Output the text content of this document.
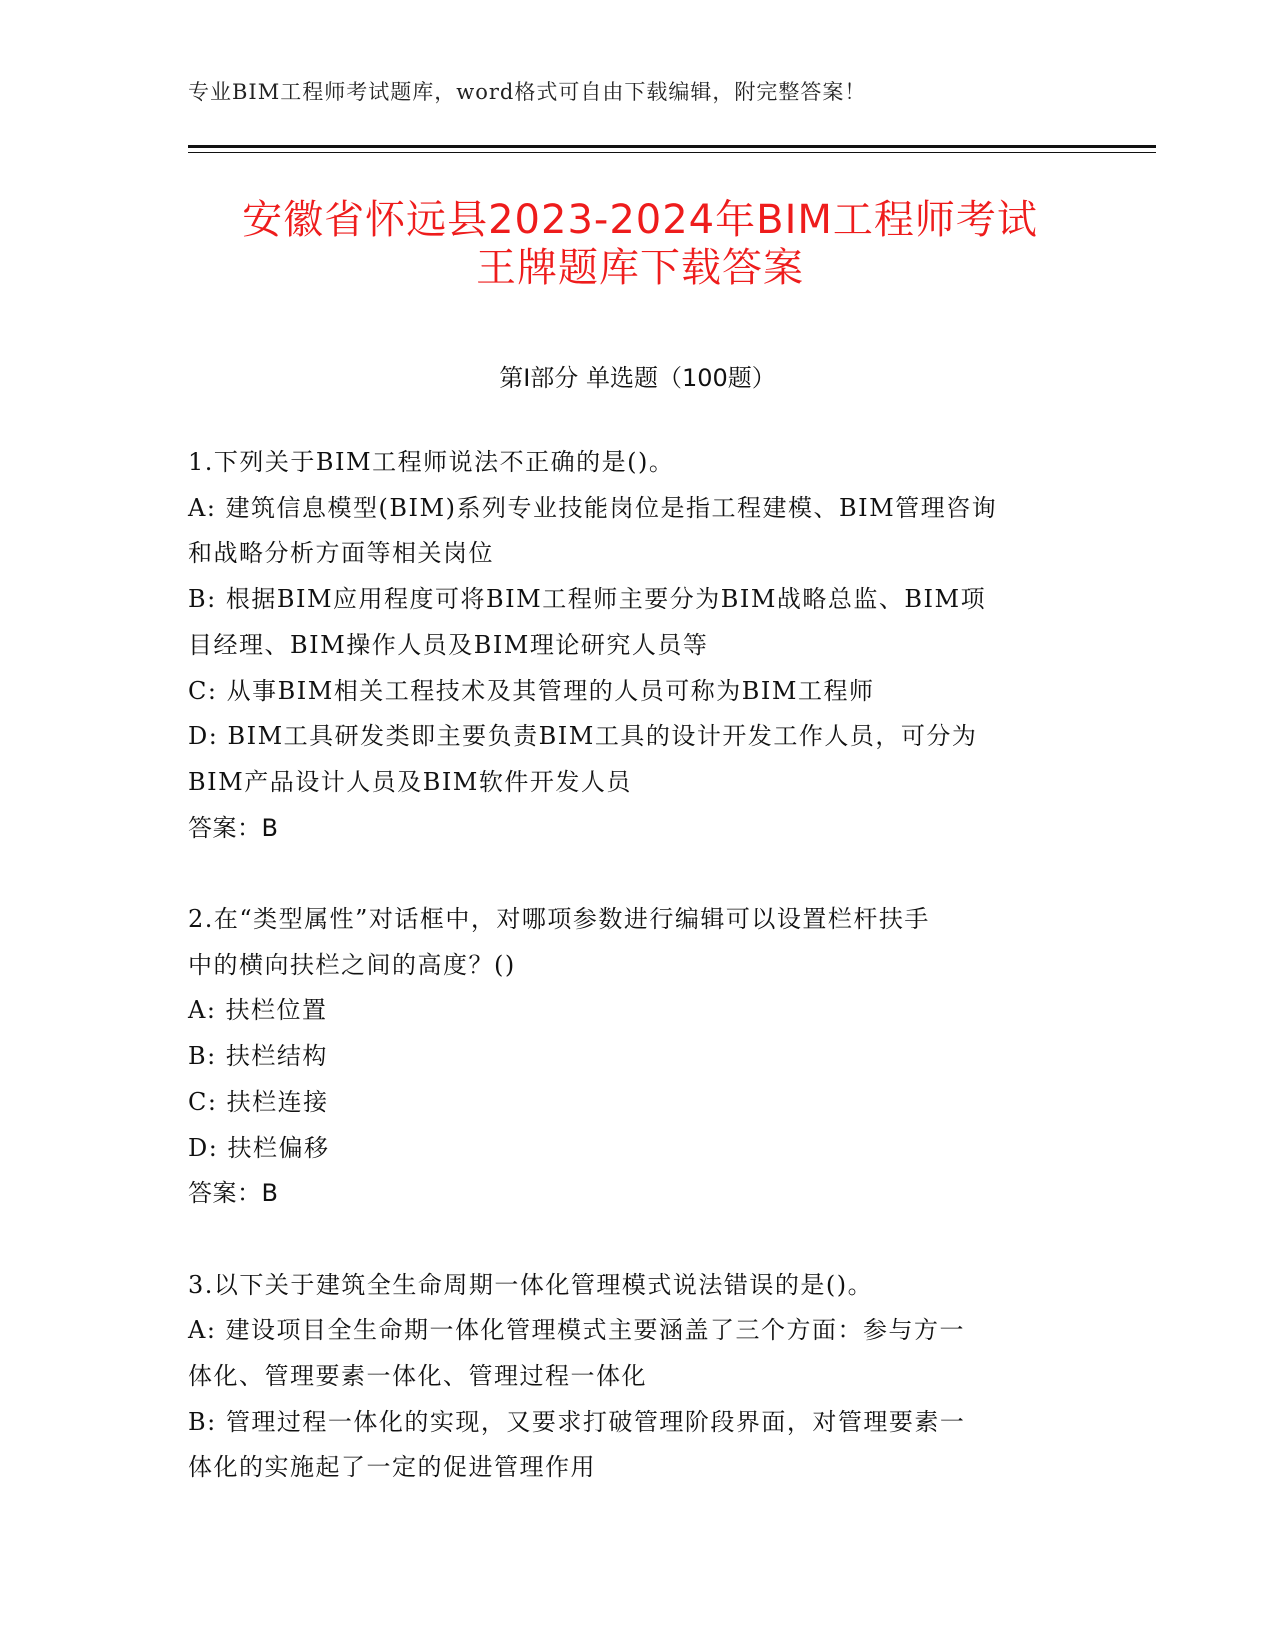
专业BIM工程师考试题库，word格式可自由下载编辑，附完整答案！
安徽省怀远县2023-2024年BIM工程师考试
王牌题库下载答案
第Ⅰ部分 单选题（100题）
1.下列关于BIM工程师说法不正确的是()。
A: 建筑信息模型(BIM)系列专业技能岗位是指工程建模、BIM管理咨询
和战略分析方面等相关岗位
B: 根据BIM应用程度可将BIM工程师主要分为BIM战略总监、BIM项
目经理、BIM操作人员及BIM理论研究人员等
C: 从事BIM相关工程技术及其管理的人员可称为BIM工程师
D: BIM工具研发类即主要负责BIM工具的设计开发工作人员，可分为
BIM产品设计人员及BIM软件开发人员
答案：B
2.在“类型属性”对话框中，对哪项参数进行编辑可以设置栏杆扶手
中的横向扶栏之间的高度？()
A: 扶栏位置
B: 扶栏结构
C: 扶栏连接
D: 扶栏偏移
答案：B
3.以下关于建筑全生命周期一体化管理模式说法错误的是()。
A: 建设项目全生命期一体化管理模式主要涵盖了三个方面：参与方一
体化、管理要素一体化、管理过程一体化
B: 管理过程一体化的实现，又要求打破管理阶段界面，对管理要素一
体化的实施起了一定的促进管理作用
